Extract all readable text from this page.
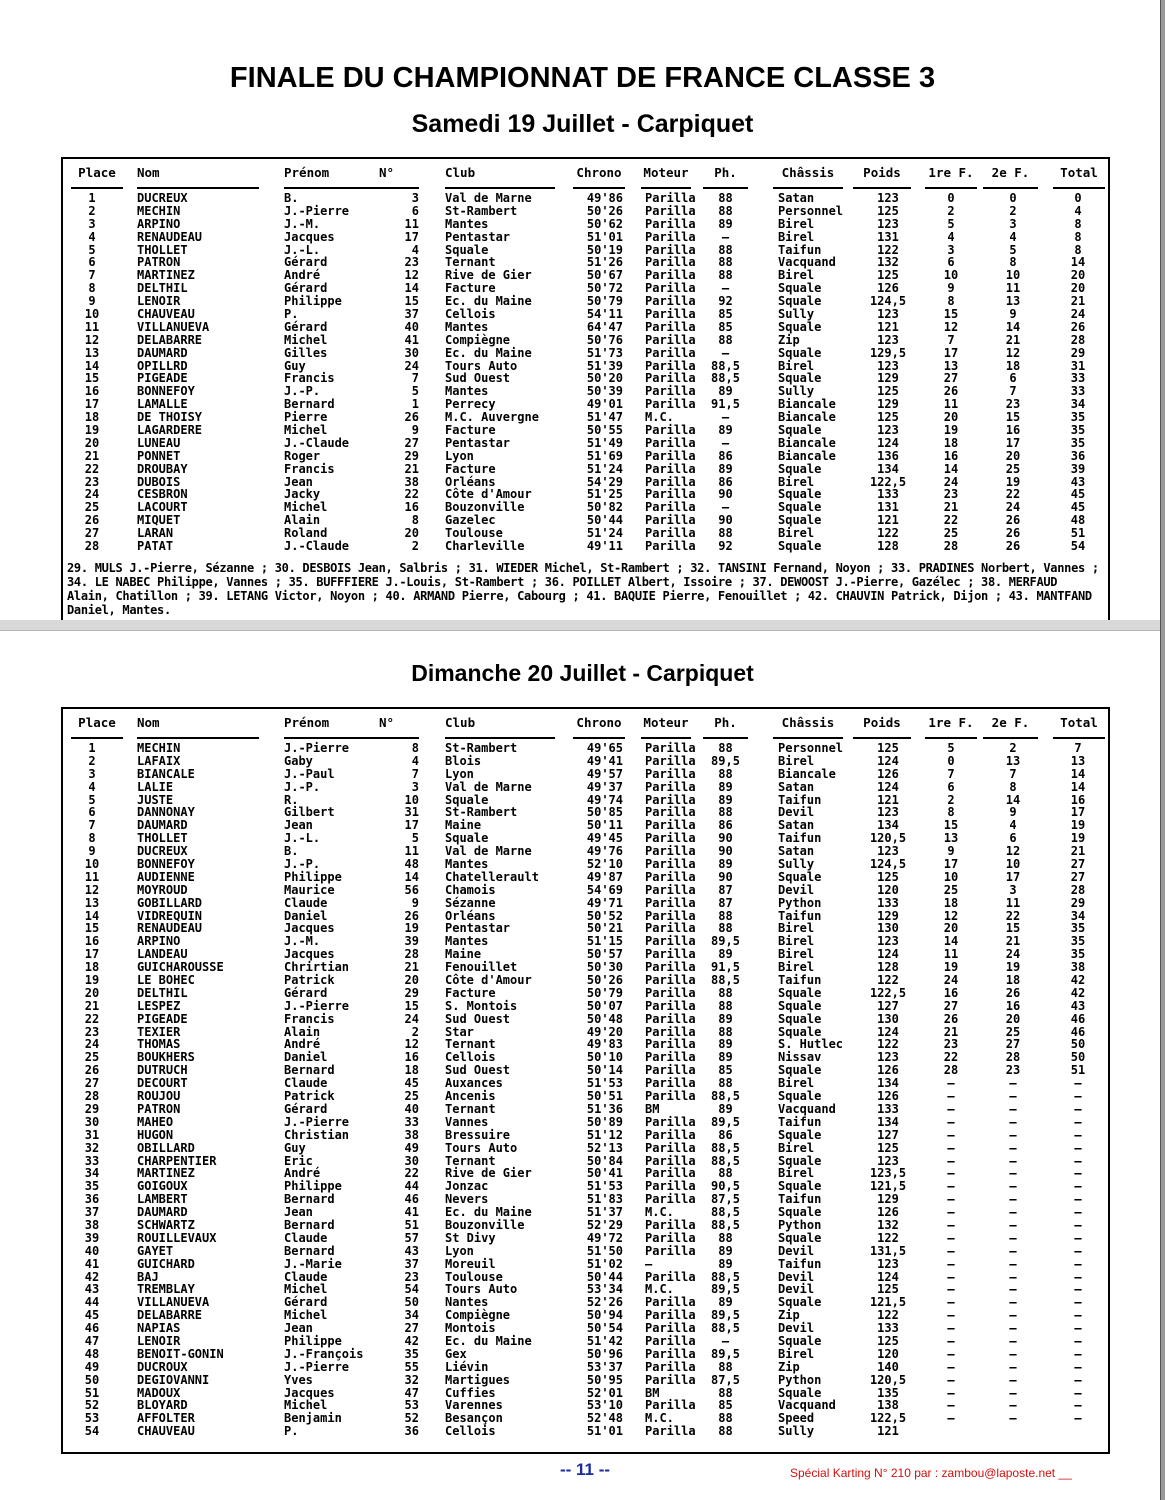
FINALE DU CHAMPIONNAT DE FRANCE CLASSE 3
Samedi 19 Juillet - Carpiquet
Place	Nom	Prénom	N°	Club	Chrono Moteur	Ph.	Châssis	Poids	1re F.	2e F.	Total
1	DUCREUX	B.	3 Val de Marne	49'86 Parilla	88	Satan	123	0	0	0
2	MECHIN	J.-Pierre	6 St-Rambert	50'26 Parilla	88	Personnel	125	2	2	4
3	ARPINO	J.-M.	11 Mantes	50'62 Parilla	89	Birel	123	5	3	8
4	RENAUDEAU	Jacques	17 Pentastar	51'01 Parilla	—	Birel	131	4	4	8
5	THOLLET	J.-L.	4 Squale	50'19 Parilla	88	Taifun	122	3	5	8
6	PATRON	Gérard	23 Ternant	51'26 Parilla	88	Vacquand	132	6	8	14
7	MARTINEZ	André	12 Rive de Gier	50'67 Parilla	88	Birel	125	10	10	20
8	DELTHIL	Gérard	14 Facture	50'72 Parilla	—	Squale	126	9	11	20
9	LENOIR	Philippe	15 Ec. du Maine	50'79 Parilla	92	Squale	124,5	8	13	21
10	CHAUVEAU	P.	37 Cellois	54'11 Parilla	85	Sully	123	15	9	24
11	VILLANUEVA	Gérard	40 Mantes	64'47 Parilla	85	Squale	121	12	14	26
12	DELABARRE	Michel	41 Compiègne	50'76 Parilla	88	Zip	123	7	21	28
13	DAUMARD	Gilles	30 Ec. du Maine	51'73 Parilla	—	Squale	129,5	17	12	29
14	OPILLRD	Guy	24 Tours Auto	51'39 Parilla	88,5	Birel	123	13	18	31
15	PIGEADE	Francis	7 Sud Ouest	50'20 Parilla	88,5	Squale	129	27	6	33
16	BONNEFOY	J.-P.	5 Mantes	50'39 Parilla	89	Sully	125	26	7	33
17	LAMALLE	Bernard	1 Perrecy	49'01 Parilla	91,5	Biancale	129	11	23	34
18	DE THOISY	Pierre	26 M.C. Auvergne	51'47 M.C.	—	Biancale	125	20	15	35
19	LAGARDERE	Michel	9 Facture	50'55 Parilla	89	Squale	123	19	16	35
20	LUNEAU	J.-Claude	27 Pentastar	51'49 Parilla	—	Biancale	124	18	17	35
21	PONNET	Roger	29 Lyon	51'69 Parilla	86	Biancale	136	16	20	36
22	DROUBAY	Francis	21 Facture	51'24 Parilla	89	Squale	134	14	25	39
23	DUBOIS	Jean	38 Orléans	54'29 Parilla	86	Birel	122,5	24	19	43
24	CESBRON	Jacky	22 Côte d'Amour	51'25 Parilla	90	Squale	133	23	22	45
25	LACOURT	Michel	16 Bouzonville	50'82 Parilla	—	Squale	131	21	24	45
26	MIQUET	Alain	8 Gazelec	50'44 Parilla	90	Squale	121	22	26	48
27	LARAN	Roland	20 Toulouse	51'24 Parilla	88	Birel	122	25	26	51
28	PATAT	J.-Claude	2 Charleville	49'11 Parilla	92	Squale	128	28	26	54
29. MULS J.-Pierre, Sézanne ; 30. DESBOIS Jean, Salbris ; 31. WIEDER Michel, St-Rambert ; 32. TANSINI Fernand, Noyon ; 33. PRADINES Norbert, Vannes ; 34. LE NABEC Philippe, Vannes ; 35. BUFFFIERE J.-Louis, St-Rambert ; 36. POILLET Albert, Issoire ; 37. DEWOOST J.-Pierre, Gazélec ; 38. MERFAUD Alain, Chatillon ; 39. LETANG Victor, Noyon ; 40. ARMAND Pierre, Cabourg ; 41. BAQUIE Pierre, Fenouillet ; 42. CHAUVIN Patrick, Dijon ; 43. MANTFAND Daniel, Mantes.
Dimanche 20 Juillet - Carpiquet
Place	Nom	Prénom	N°	Club	Chrono Moteur	Ph.	Châssis	Poids	1re F.	2e F.	Total
1	MECHIN	J.-Pierre	8 St-Rambert	49'65 Parilla	88	Personnel	125	5	2	7
2	LAFAIX	Gaby	4 Blois	49'41 Parilla	89,5	Birel	124	0	13	13
3	BIANCALE	J.-Paul	7 Lyon	49'57 Parilla	88	Biancale	126	7	7	14
4	LALIE	J.-P.	3 Val de Marne	49'37 Parilla	89	Satan	124	6	8	14
5	JUSTE	R.	10 Squale	49'74 Parilla	89	Taifun	121	2	14	16
6	DANNONAY	Gilbert	31 St-Rambert	50'85 Parilla	88	Devil	123	8	9	17
7	DAUMARD	Jean	17 Maine	50'11 Parilla	86	Satan	134	15	4	19
8	THOLLET	J.-L.	5 Squale	49'45 Parilla	90	Taifun	120,5	13	6	19
9	DUCREUX	B.	11 Val de Marne	49'76 Parilla	90	Satan	123	9	12	21
10	BONNEFOY	J.-P.	48 Mantes	52'10 Parilla	89	Sully	124,5	17	10	27
11	AUDIENNE	Philippe	14 Chatellerault	49'87 Parilla	90	Squale	125	10	17	27
12	MOYROUD	Maurice	56 Chamois	54'69 Parilla	87	Devil	120	25	3	28
13	GOBILLARD	Claude	9 Sézanne	49'71 Parilla	87	Python	133	18	11	29
14	VIDREQUIN	Daniel	26 Orléans	50'52 Parilla	88	Taifun	129	12	22	34
15	RENAUDEAU	Jacques	19 Pentastar	50'21 Parilla	88	Birel	130	20	15	35
16	ARPINO	J.-M.	39 Mantes	51'15 Parilla	89,5	Birel	123	14	21	35
17	LANDEAU	Jacques	28 Maine	50'57 Parilla	89	Birel	124	11	24	35
18	GUICHAROUSSE	Chrirtian	21 Fenouillet	50'30 Parilla	91,5	Birel	128	19	19	38
19	LE BOHEC	Patrick	20 Côte d'Amour	50'26 Parilla	88,5	Taifun	122	24	18	42
20	DELTHIL	Gérard	29 Facture	50'79 Parilla	88	Squale	122,5	16	26	42
21	LESPEZ	J.-Pierre	15 S. Montois	50'07 Parilla	88	Squale	127	27	16	43
22	PIGEADE	Francis	24 Sud Ouest	50'48 Parilla	89	Squale	130	26	20	46
23	TEXIER	Alain	2 Star	49'20 Parilla	88	Squale	124	21	25	46
24	THOMAS	André	12 Ternant	49'83 Parilla	89	S. Hutlec	122	23	27	50
25	BOUKHERS	Daniel	16 Cellois	50'10 Parilla	89	Nissav	123	22	28	50
26	DUTRUCH	Bernard	18 Sud Ouest	50'14 Parilla	85	Squale	126	28	23	51
27	DECOURT	Claude	45 Auxances	51'53 Parilla	88	Birel	134	—	—	—
28	ROUJOU	Patrick	25 Ancenis	50'51 Parilla	88,5	Squale	126	—	—	—
29	PATRON	Gérard	40 Ternant	51'36 BM	89	Vacquand	133	—	—	—
30	MAHEO	J.-Pierre	33 Vannes	50'89 Parilla	89,5	Taifun	134	—	—	—
31	HUGON	Christian	38 Bressuire	51'12 Parilla	86	Squale	127	—	—	—
32	OBILLARD	Guy	49 Tours Auto	52'13 Parilla	88,5	Birel	125	—	—	—
33	CHARPENTIER	Eric	30 Ternant	50'84 Parilla	88,5	Squale	123	—	—	—
34	MARTINEZ	André	22 Rive de Gier	50'41 Parilla	88	Birel	123,5	—	—	—
35	GOIGOUX	Philippe	44 Jonzac	51'53 Parilla	90,5	Squale	121,5	—	—	—
36	LAMBERT	Bernard	46 Nevers	51'83 Parilla	87,5	Taifun	129	—	—	—
37	DAUMARD	Jean	41 Ec. du Maine	51'37 M.C.	88,5	Squale	126	—	—	—
38	SCHWARTZ	Bernard	51 Bouzonville	52'29 Parilla	88,5	Python	132	—	—	—
39	ROUILLEVAUX	Claude	57 St Divy	49'72 Parilla	88	Squale	122	—	—	—
40	GAYET	Bernard	43 Lyon	51'50 Parilla	89	Devil	131,5	—	—	—
41	GUICHARD	J.-Marie	37 Moreuil	51'02 —	89	Taifun	123	—	—	—
42	BAJ	Claude	23 Toulouse	50'44 Parilla	88,5	Devil	124	—	—	—
43	TREMBLAY	Michel	54 Tours Auto	53'34 M.C.	89,5	Devil	125	—	—	—
44	VILLANUEVA	Gérard	50 Nantes	52'26 Parilla	89	Squale	121,5	—	—	—
45	DELABARRE	Michel	34 Compiègne	50'94 Parilla	89,5	Zip	122	—	—	—
46	NAPIAS	Jean	27 Montois	50'54 Parilla	88,5	Devil	133	—	—	—
47	LENOIR	Philippe	42 Ec. du Maine	51'42 Parilla	—	Squale	125	—	—	—
48	BENOIT-GONIN	J.-François	35 Gex	50'96 Parilla	89,5	Birel	120	—	—	—
49	DUCROUX	J.-Pierre	55 Liévin	53'37 Parilla	88	Zip	140	—	—	—
50	DEGIOVANNI	Yves	32 Martigues	50'95 Parilla	87,5	Python	120,5	—	—	—
51	MADOUX	Jacques	47 Cuffies	52'01 BM	88	Squale	135	—	—	—
52	BLOYARD	Michel	53 Varennes	53'10 Parilla	85	Vacquand	138	—	—	—
53	AFFOLTER	Benjamin	52 Besançon	52'48 M.C.	88	Speed	122,5	—	—	—
54	CHAUVEAU	P.	36 Cellois	51'01 Parilla	88	Sully	121
-- 11 --	Spécial Karting N° 210 par : zambou@laposte.net __
